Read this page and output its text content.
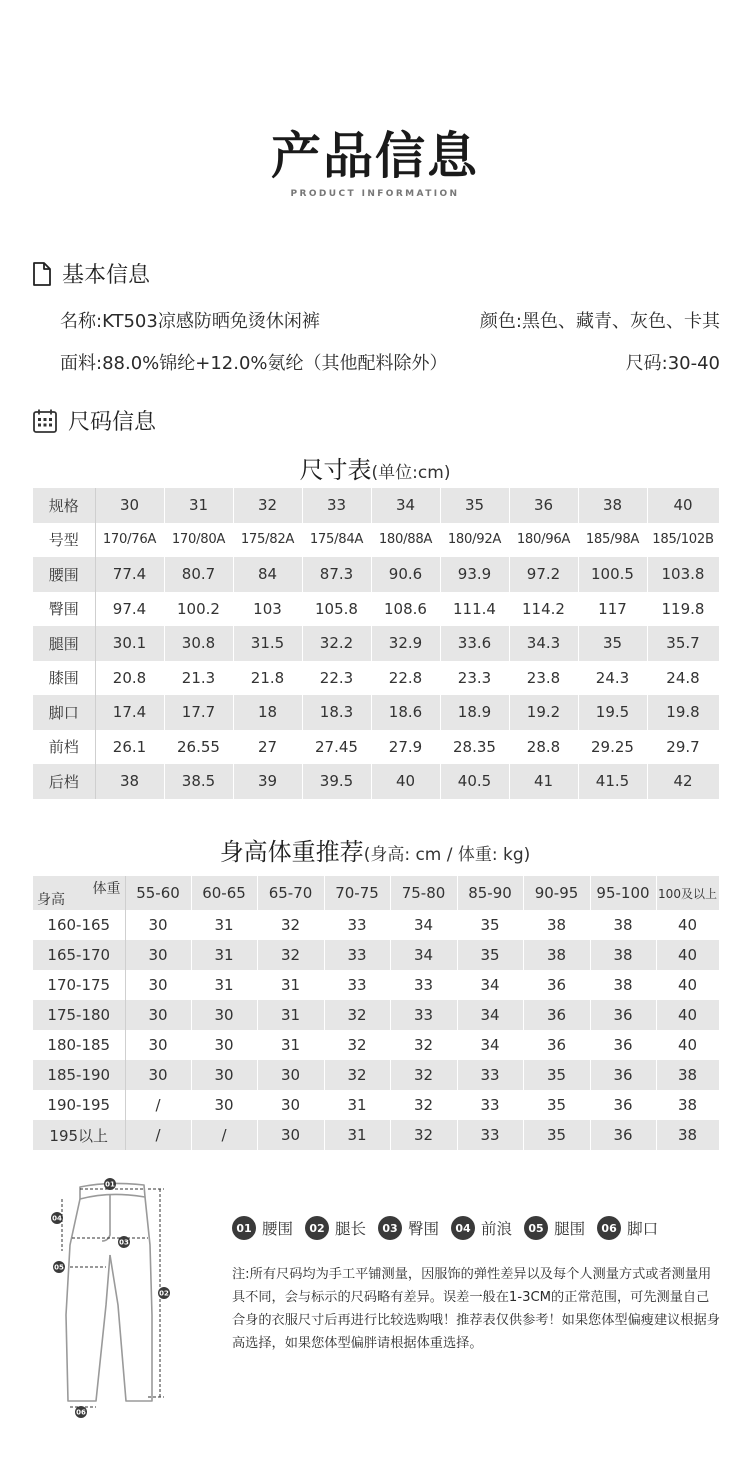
产品信息
PRODUCT INFORMATION
基本信息
名称:KT503凉感防晒免烫休闲裤	颜色:黑色、藏青、灰色、卡其
面料:88.0%锦纶+12.0%氨纶（其他配料除外）	尺码:30-40
尺码信息
尺寸表(单位:cm)
规格	30	31	32	33	34	35	36	38	40
号型	170/76A	170/80A	175/82A	175/84A	180/88A	180/92A	180/96A	185/98A	185/102B
腰围	77.4	80.7	84	87.3	90.6	93.9	97.2	100.5	103.8
臀围	97.4	100.2	103	105.8	108.6	111.4	114.2	117	119.8
腿围	30.1	30.8	31.5	32.2	32.9	33.6	34.3	35	35.7
膝围	20.8	21.3	21.8	22.3	22.8	23.3	23.8	24.3	24.8
脚口	17.4	17.7	18	18.3	18.6	18.9	19.2	19.5	19.8
前档	26.1	26.55	27	27.45	27.9	28.35	28.8	29.25	29.7
后档	38	38.5	39	39.5	40	40.5	41	41.5	42
身高体重推荐(身高: cm / 体重: kg)
体重
身高	55-60	60-65	65-70	70-75	75-80	85-90	90-95	95-100	100及以上
160-165	30	31	32	33	34	35	38	38	40
165-170	30	31	32	33	34	35	38	38	40
170-175	30	31	31	33	33	34	36	38	40
175-180	30	30	31	32	33	34	36	36	40
180-185	30	30	31	32	32	34	36	36	40
185-190	30	30	30	32	32	33	35	36	38
190-195	/	30	30	31	32	33	35	36	38
195以上	/	/	30	31	32	33	35	36	38
01
04
03
05
02
06
01 腰围	02 腿长	03 臀围	04 前浪	05 腿围	06 脚口
注:所有尺码均为手工平铺测量，因服饰的弹性差异以及每个人测量方式或者测量用具不同，会与标示的尺码略有差异。误差一般在1-3CM的正常范围，可先测量自己合身的衣服尺寸后再进行比较选购哦！推荐表仅供参考！如果您体型偏瘦建议根据身高选择，如果您体型偏胖请根据体重选择。
